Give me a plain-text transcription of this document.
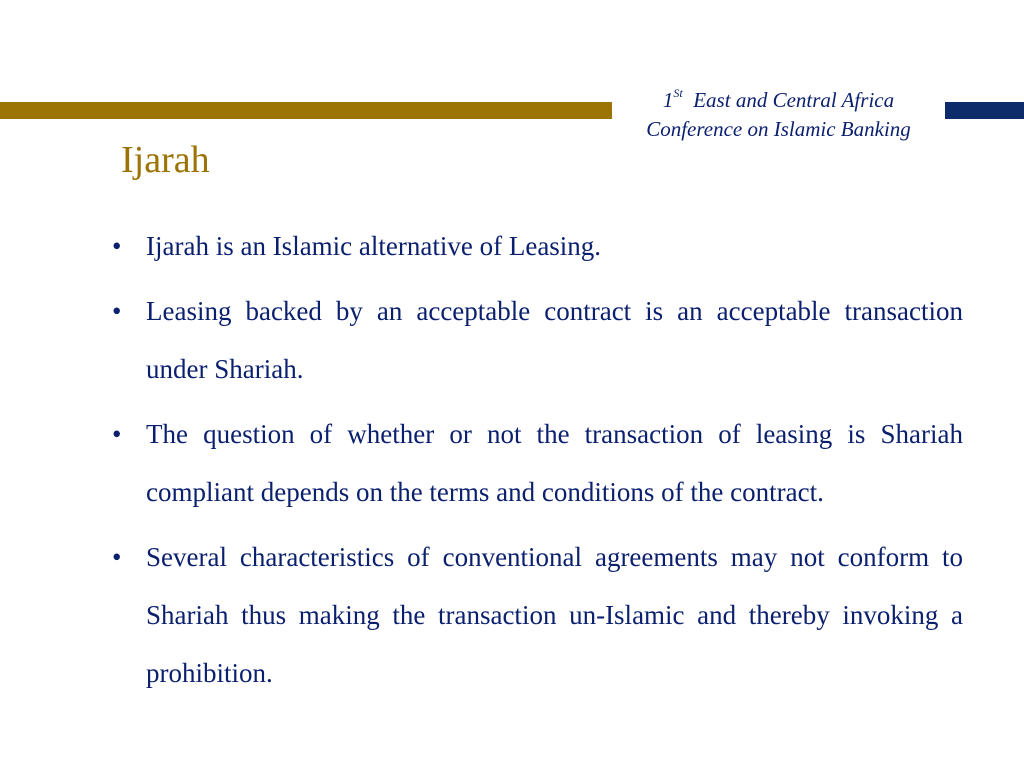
1St East and Central Africa
Conference on Islamic Banking
Ijarah
• Ijarah is an Islamic alternative of Leasing.
• Leasing backed by an acceptable contract is an acceptable transaction under Shariah.
• The question of whether or not the transaction of leasing is Shariah compliant depends on the terms and conditions of the contract.
• Several characteristics of conventional agreements may not conform to Shariah thus making the transaction un-Islamic and thereby invoking a prohibition.
